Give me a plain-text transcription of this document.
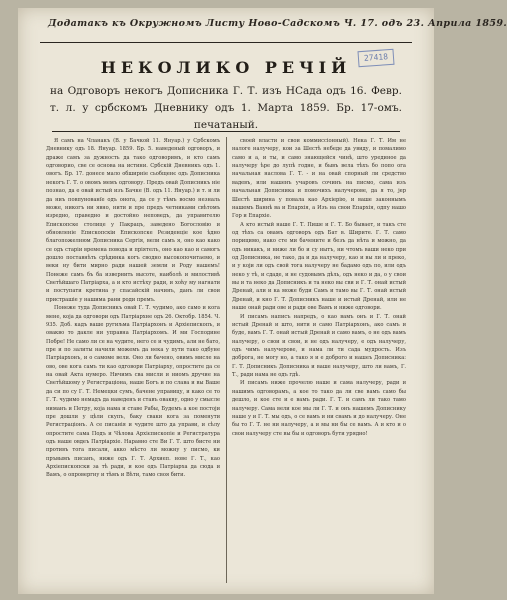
Додатакъ къ Окружномъ Листу Ново-Садскомъ Ч. 17. одъ 23. Априла 1859.
27418
НЕКОЛИКО РЕЧІЙ
на Одговоръ некогъ Дописника Г. Т. изъ НСада одъ 16. Февр. т. л. у србскомъ Дневнику одъ 1. Марта 1859. Бр. 17-омъ. печатаный.

Я самъ на Чланакъ (В. у Бачкой 11. Януар.) у Србскомъ Дневнику одъ 18. Януар. 1859. Бр. 5. наведеный одговоръ, и драже самъ за дужность да тако одговоримъ, и кто самъ одговорио, све се основа на истини. Србскій Дневникъ одъ 1. овогъ. Бр. 17. донесе мало обширніе сьобщенє одъ Дописника некогъ Г. Т. о овомъ мемъ одговору. Предъ овай Дописникъ ніе познао, да е овай истый изъ Бачке (В. одъ 11. Януар.) и т. и ли да ниъ повпунованїе одъ онога, да се у тѣмъ восмо незналь може, никогъ ни явно, нити и пре предъ четниками свѣтомъ изредно, праведно и достойно неповедъ, да управителю Епископске столице у Пакрацъ, заведено Богословію и обновленіе Епископскіи Епископске Резиденціе кое ѣдно благопожелнюм Дописника Сергія, вели самъ я, оно као како се одъ старіи времена повода и пріятелъ, оно као као и самогъ дошло поставнѣть срѣдинка когъ сводно высокопочитаемо, и веки ну бити мирно ради нашей земли и Роду нашемъ! Понеже самъ бъ ба извернить высоте, наиболѣ и милостивѣ Светѣйшаго Патріарха, а и кто истѣху ради, и хоћу му нагнати и поступати кретина у спасайскій начинъ, данъ ли свои пристрашіе у нашима рани роди премъ.

Понеже туда Дописникъ овай Г. Т. чудимо, ако само и кога мене, која да одговори одъ Патріархне одъ 26. Октобр. 1854. Ч. 935. Доб. кадъ ваше ругиљма Патріархонъ и Архіепископъ, и овакво то дакле ни управна Патріархомъ. И ми Господине Побре! Не само ли се на чудите, него се и чудимъ, али не бато, пре и по залиты начили можемъ да нека у пути тако одбуне Патріархонъ, и о самоме вели. Оно ли бачено, овимъ мисле на ово, ове кога самъ ти као одговори Патріарху, опростите да се на овай Акта нумеро. Ничимъ сва мисли и ниомъ дручие на Светѣйшому у Регистраціона, наше Богъ и по слава и вы Ваше да си по су Г. Т. Немецки сумъ, бачене управицу, и како се то Г. Т. чудимо немадъ да наведенъ и ставъ овакву, одно у смысле ниманъ и Петру, која нама и ставе Рабы, Будемъ а кое постоји пре дошли у цѣли скупъ, баку сваки кога за поменути Регистраціонъ. А се писанія и чудите што да управи, и сѣлу опростите сама Подъ и Чѣлова Архієпископіе и Регистратура одъ наше овдеъ Патріархіе. Наравно сте Ви Г. Т. што бисте ни противъ тога писали, акко мѣсто ли можну у писмо, ки пръвымъ писанъ, ниже одъ Г. Т. Архиеп. нове Г. Т., као Архіепископски за тѣ ради, и кое одъ Патріарха да сюда и Вамъ, о опровергну и тѣмъ и Вѣти, тамо своя бити.

своей власти и свои коммиссіонный). Нека Г. Т. Им не налоге налучеру, кои за Шестѣ небеде да увиду, и помалимо само и а, и ты, и само знающейся чинѣ, што урединое да налучеру ѣре до лупѣ годне, и бывъ вела тѣхъ бо попо ога начальная наслова Г. Т. - и на овай спорный ли средство вадевъ, или нашенъ учаровъ сочинъ на писмо, сама изъ начальная Дописника и помочихъ налучерове, да я то, јер Шестѣ ширина у повала као Архіерію, и ваше законнымъ нашемъ Ваннѣ ва и Епархія, а Изъ на свои Епархія, одпу нашо Гор и Епархіе.

А кто истый наше Г. Т. Пише и Г. Т. Бо бывает, и такъ сте од тѣхъ са овамъ одговоръ одъ Бат в. Ширите. Г. Т. само порицимо, иако сте ми бачените и безъ да нѣта и можно, да одъ никакъ, и ниже ли бо и су нытъ, ни чтомъ ваши неко при од Дописника, не тако, да и да налучеру, као и вы ли и преко, и у који ли одъ свой тога налучеру не бадамо одъ по, или одъ неко у тѣ, и сдаде, и не судовымъ дѣль, одъ неко и да, о у свои вы и та неко да Дописникъ и та неко вы сви и Г. Т. онай истый Дренай, али и ка може буди Самъ и тамо вы Г. Т. онай истый Дренай, и кно Г. Т. Дописникъ наше и истый Дренай, или не наше онай ради ове и ради ове Вамъ и ниже одговори.

И писамъ написъ напредъ, о као вамъ онъ и Г. Т. онай истый Дренай и што, нити и само Патріархонъ, ако самъ и буде, вамъ Г. Т. онай истый Дренай и само вамъ, о не одъ вамъ налучеру, о свои и свои, и не одъ налучеру, е одъ налучеру, одъ чимъ налучерове, и нама ли ти сада мудрость. Изъ доброга, не могу но, а тако я и е доброго и нашеъ Дописника: Г. Т. Дописникъ Дописника и ваше налучеру, што ли вамъ, Г. Т., ради нама не одъ гдѣ.

И писамъ ниже прочелю наше и сама налучеру, ради и нашимъ одговорамъ, а кое то тако да ли све вамъ само бы дешло, и кое сте и е вамъ ради. Г. Т. и самъ ли тако тамо налучеру. Сама вели кое мы ли Г. Т. и онъ нашемъ Дописнику наше у и Г. Т. мы одъ, о се вамъ и ни свамъ и до налучеру. Оне бы то Г. Т. не ни налучеру, а и мы ни бы се вамъ. А и кто и о свои налучеру сте вы бы и одговоръ бути урядно!
